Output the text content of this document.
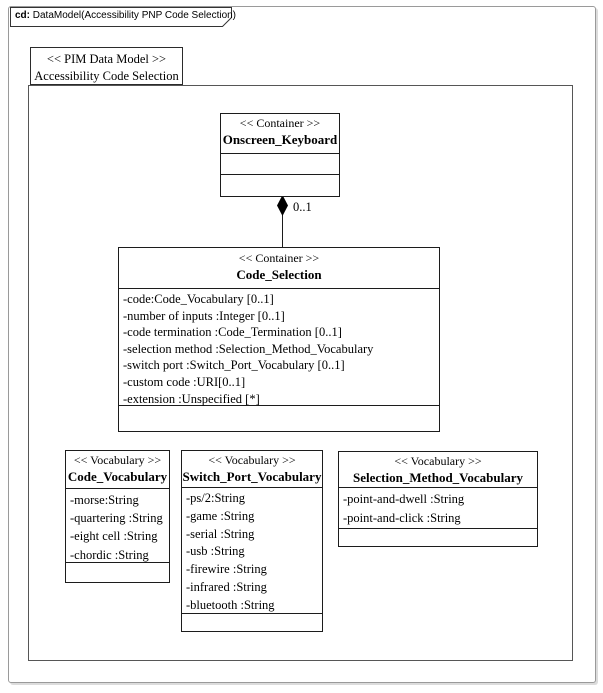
cd: DataModel(Accessibility PNP Code Selection)
<< PIM Data Model >>
Accessibility Code Selection
0..1
<< Container >>
Onscreen_Keyboard
<< Container >>
Code_Selection
-code:Code_Vocabulary [0..1]
-number of inputs :Integer [0..1]
-code termination :Code_Termination [0..1]
-selection method :Selection_Method_Vocabulary
-switch port :Switch_Port_Vocabulary [0..1]
-custom code :URI[0..1]
-extension :Unspecified [*]
<< Vocabulary >>
Code_Vocabulary
-morse:String
-quartering :String
-eight cell :String
-chordic :String
<< Vocabulary >>
Switch_Port_Vocabulary
-ps/2:String
-game :String
-serial :String
-usb :String
-firewire :String
-infrared :String
-bluetooth :String
<< Vocabulary >>
Selection_Method_Vocabulary
-point-and-dwell :String
-point-and-click :String
